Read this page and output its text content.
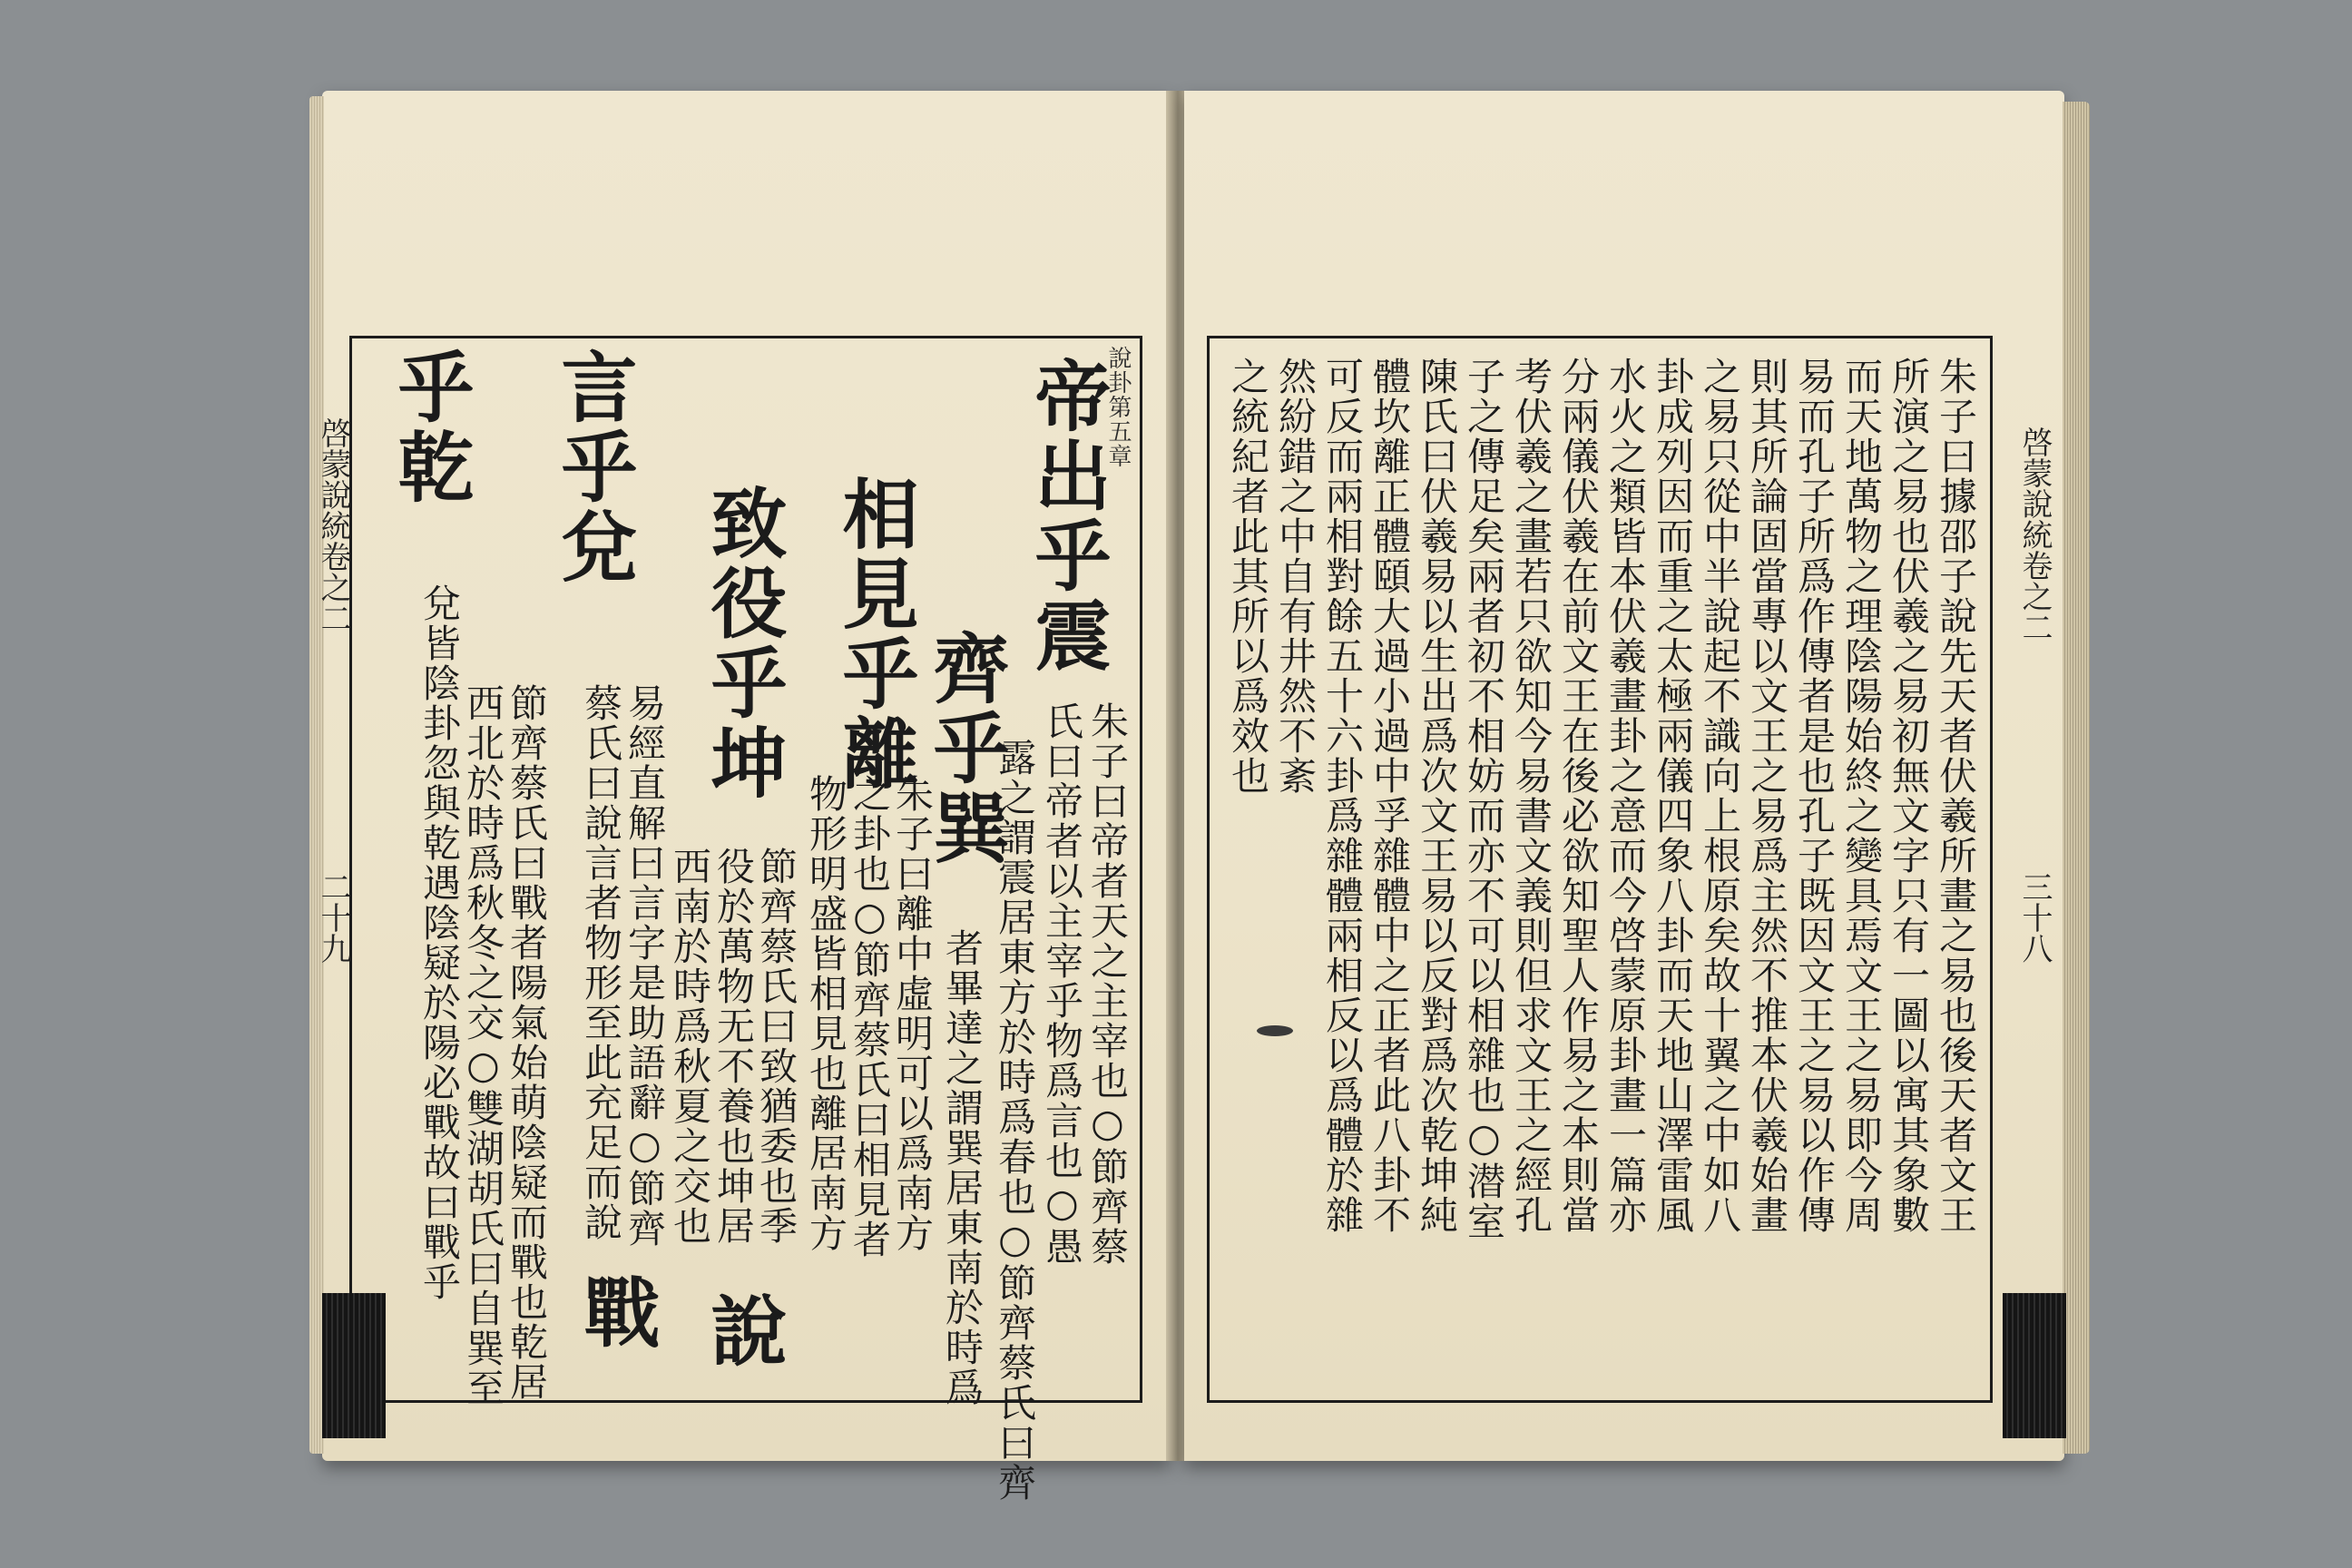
啓蒙說統卷之二
二十九
說卦第五章
帝出乎震
朱子曰帝者天之主宰也○節齊蔡
氏曰帝者以主宰乎物爲言也○愚
露之謂震居東方於時爲春也○節齊蔡氏曰齊
齊乎巽
者畢達之謂巽居東南於時爲
相見乎離
朱子曰離中虛明可以爲南方
之卦也○節齊蔡氏曰相見者
物形明盛皆相見也離居南方
致役乎坤
節齊蔡氏曰致猶委也季
役於萬物无不養也坤居
西南於時爲秋夏之交也
說
言乎兌
易經直解曰言字是助語辭○節齊
蔡氏曰說言者物形至此充足而說
戰
乎乾
節齊蔡氏曰戰者陽氣始萌陰疑而戰也乾居
西北於時爲秋冬之交○雙湖胡氏曰自巽至
兌皆陰卦忽與乾遇陰疑於陽必戰故曰戰乎
啓蒙說統卷之二
三十八
朱子曰據邵子說先天者伏羲所畫之易也後天者文王
所演之易也伏羲之易初無文字只有一圖以寓其象數
而天地萬物之理陰陽始終之變具焉文王之易即今周
易而孔子所爲作傳者是也孔子既因文王之易以作傳
則其所論固當專以文王之易爲主然不推本伏羲始畫
之易只從中半說起不識向上根原矣故十翼之中如八
卦成列因而重之太極兩儀四象八卦而天地山澤雷風
水火之類皆本伏羲畫卦之意而今啓蒙原卦畫一篇亦
分兩儀伏羲在前文王在後必欲知聖人作易之本則當
考伏羲之畫若只欲知今易書文義則但求文王之經孔
子之傳足矣兩者初不相妨而亦不可以相雜也○潜室
陳氏曰伏羲易以生出爲次文王易以反對爲次乾坤純
體坎離正體頤大過小過中孚雜體中之正者此八卦不
可反而兩相對餘五十六卦爲雜體兩相反以爲體於雜
然紛錯之中自有井然不紊
之統紀者此其所以爲效也
